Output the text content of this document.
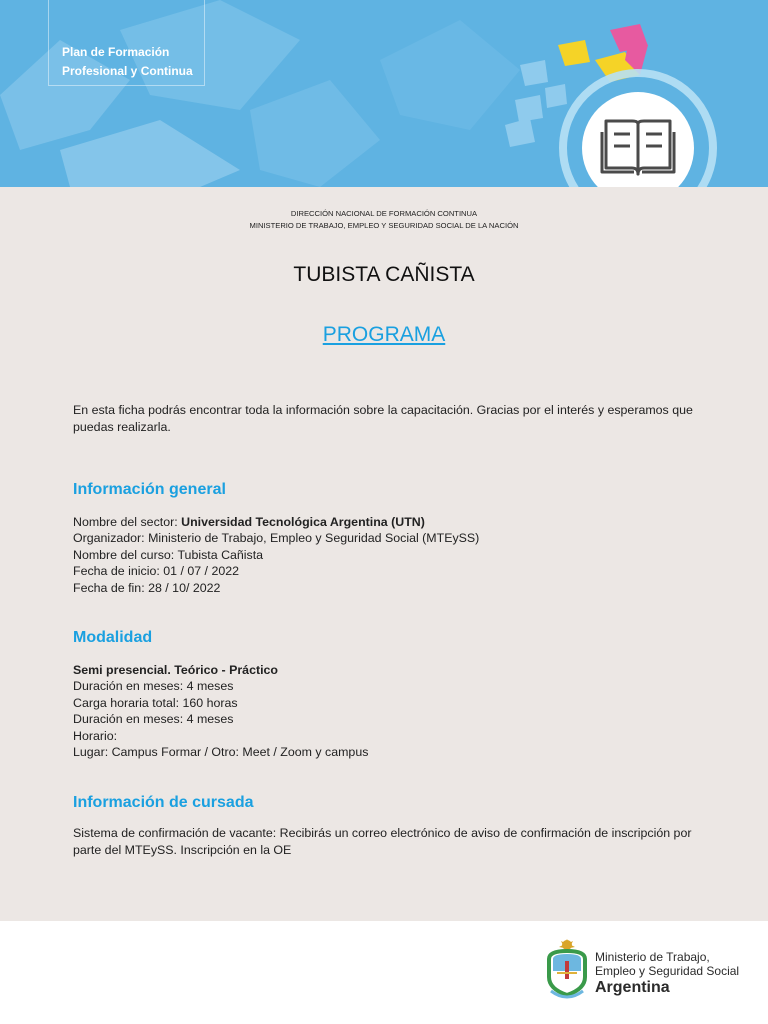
Plan de Formación
Profesional y Continua
DIRECCIÓN NACIONAL DE FORMACIÓN CONTINUA
MINISTERIO DE TRABAJO, EMPLEO Y SEGURIDAD SOCIAL DE LA NACIÓN
TUBISTA CAÑISTA
PROGRAMA

En esta ficha podrás encontrar toda la información sobre la capacitación. Gracias por el interés y esperamos que puedas realizarla.

Información general

Nombre del sector: Universidad Tecnológica Argentina (UTN)

Organizador: Ministerio de Trabajo, Empleo y Seguridad Social (MTEySS)

Nombre del curso: Tubista Cañista

Fecha de inicio: 01 / 07 / 2022

Fecha de fin: 28 / 10/ 2022

Modalidad

Semi presencial. Teórico - Práctico

Duración en meses: 4 meses

Carga horaria total: 160 horas

Duración en meses: 4 meses

Horario:

Lugar: Campus Formar / Otro: Meet / Zoom y campus

Información de cursada

Sistema de confirmación de vacante: Recibirás un correo electrónico de aviso de confirmación de inscripción por parte del MTEySS. Inscripción en la OE

Ministerio de Trabajo,
Empleo y Seguridad Social
Argentina
